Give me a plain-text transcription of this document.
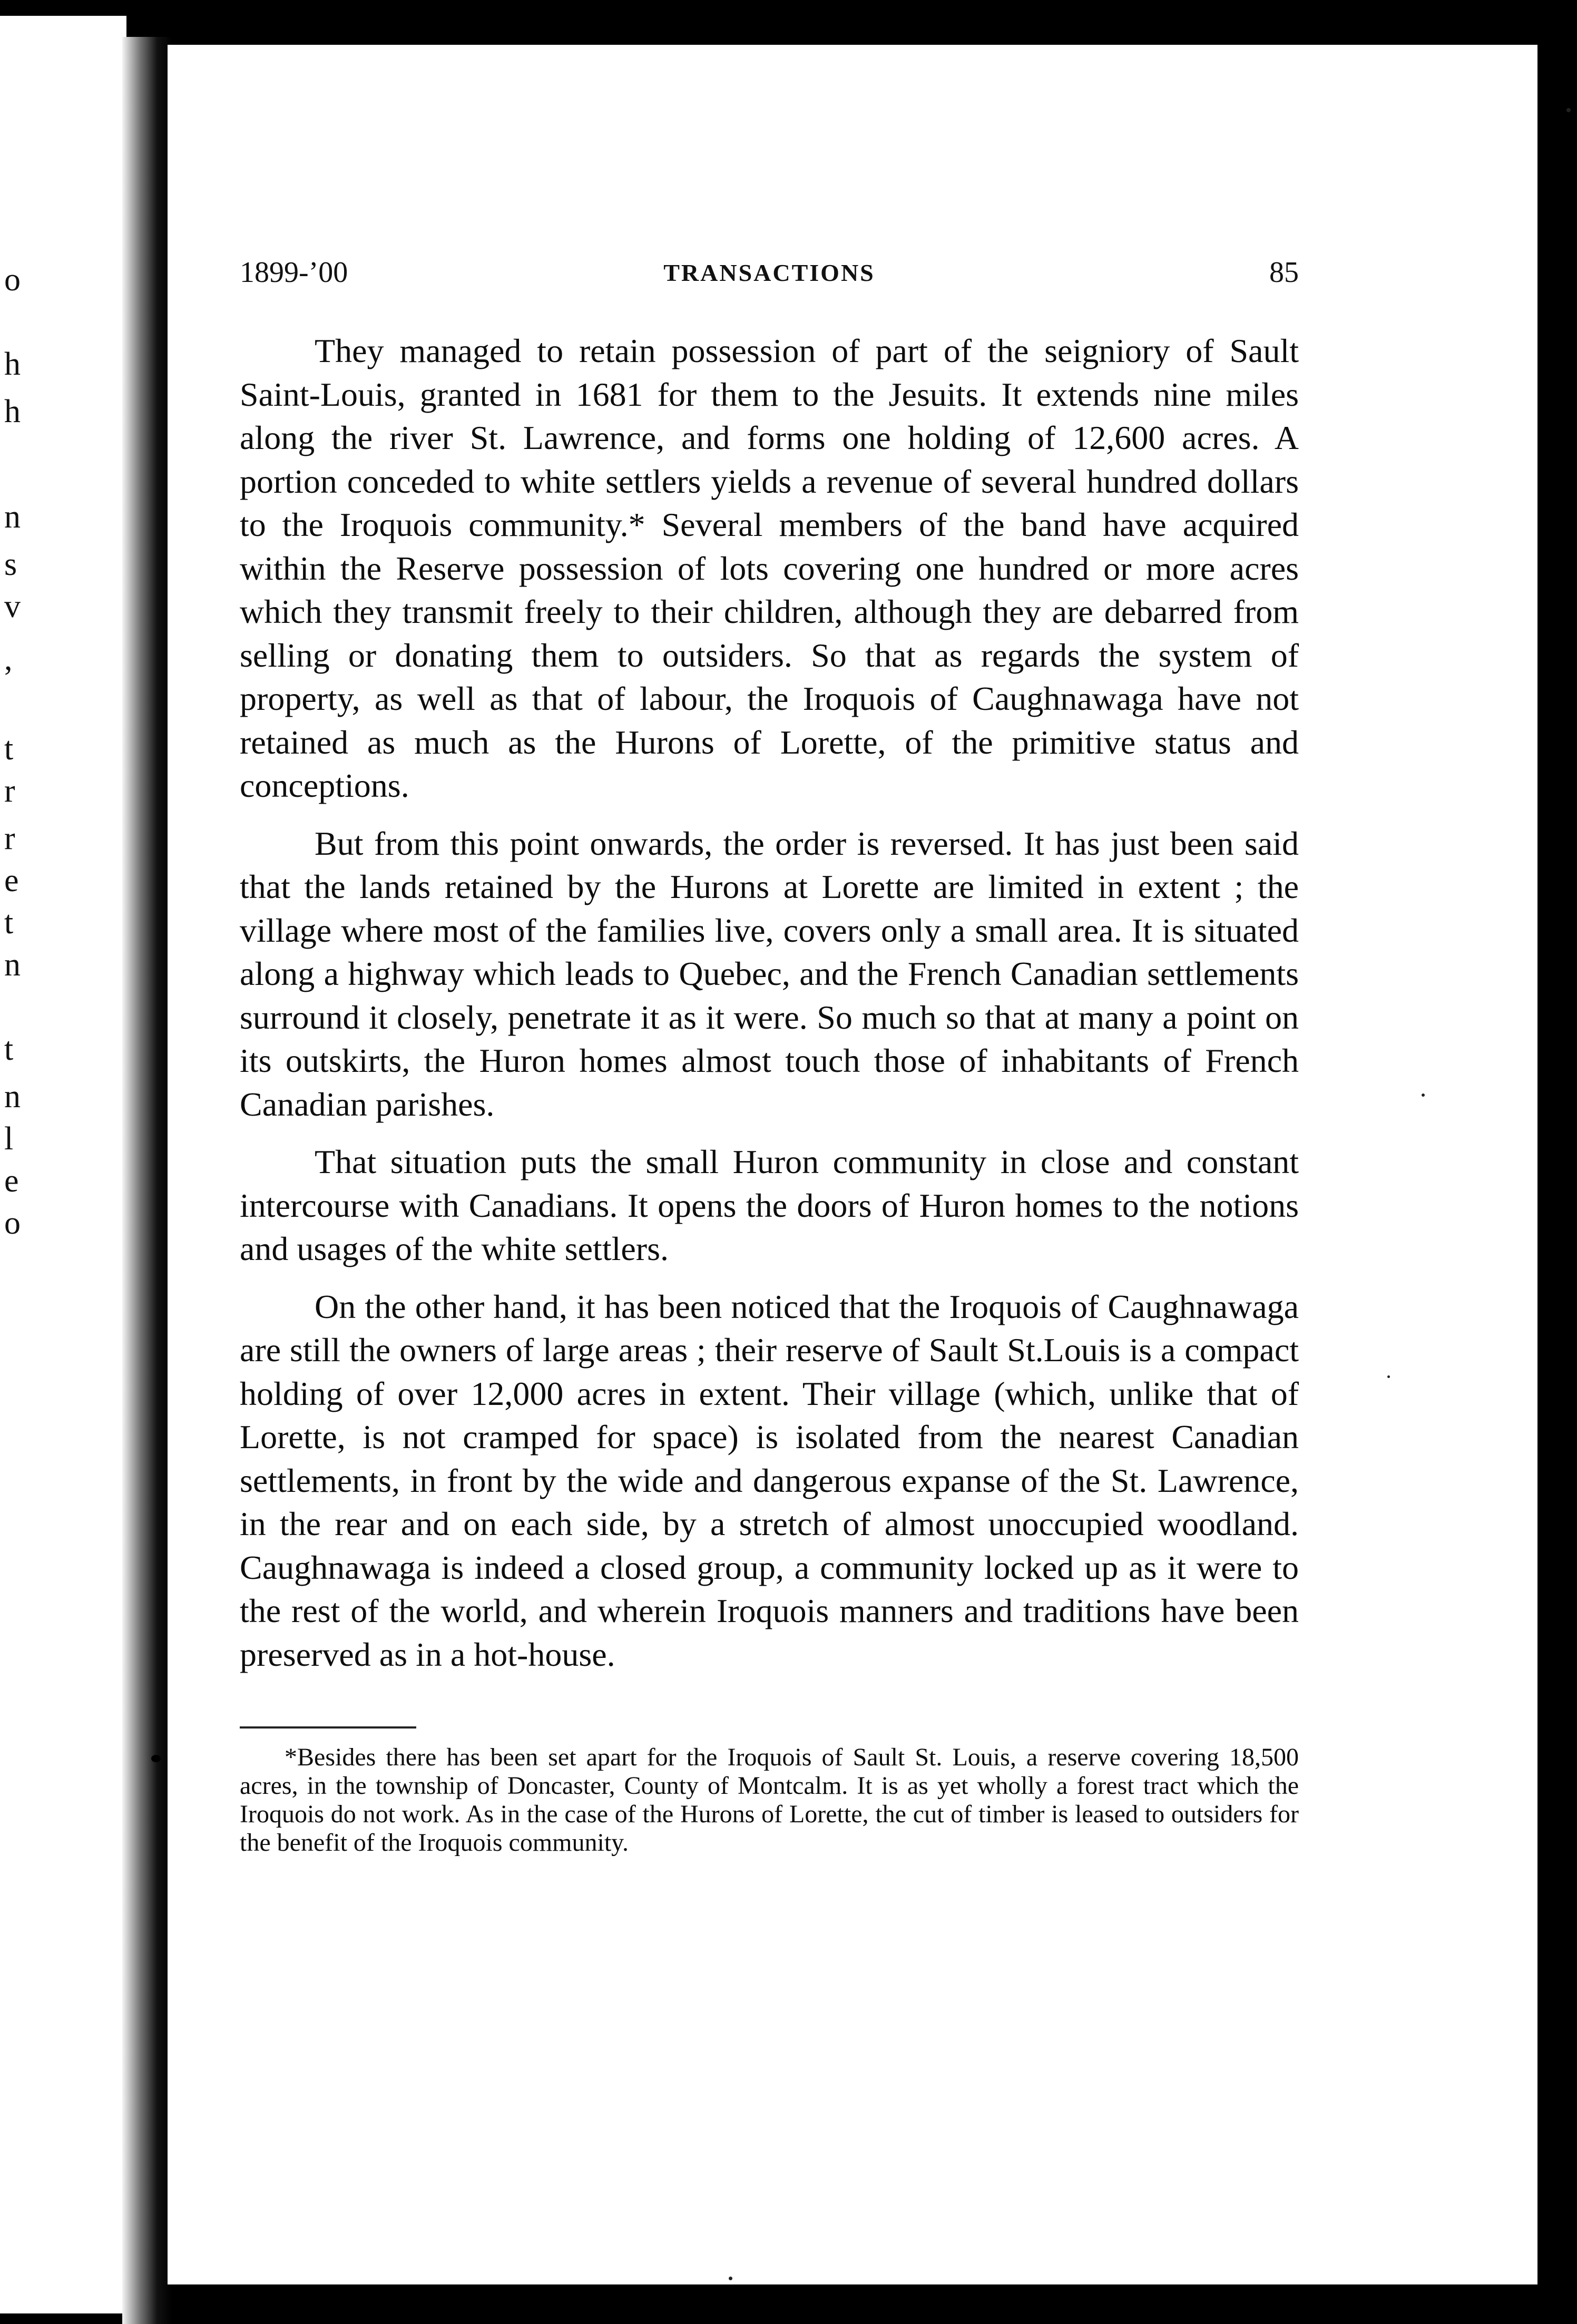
o
h
h
n
s
v
,
t
r
r
e
t
n
t
n
l
e
o
1899-’00	TRANSACTIONS	85

They managed to retain possession of part of the seigniory of Sault Saint-Louis, granted in 1681 for them to the Jesuits. It extends nine miles along the river St. Lawrence, and forms one holding of 12,600 acres. A portion conceded to white settlers yields a revenue of several hundred dollars to the Iroquois community.* Several members of the band have acquired within the Reserve possession of lots covering one hundred or more acres which they transmit freely to their children, although they are debarred from selling or donating them to outsiders. So that as regards the system of property, as well as that of labour, the Iroquois of Caughnawaga have not retained as much as the Hurons of Lorette, of the primitive status and conceptions.

But from this point onwards, the order is reversed. It has just been said that the lands retained by the Hurons at Lorette are limited in extent ; the village where most of the families live, covers only a small area. It is situated along a highway which leads to Quebec, and the French Canadian settlements surround it closely, penetrate it as it were. So much so that at many a point on its outskirts, the Huron homes almost touch those of inhabitants of French Canadian parishes.

That situation puts the small Huron community in close and constant intercourse with Canadians. It opens the doors of Huron homes to the notions and usages of the white settlers.

On the other hand, it has been noticed that the Iroquois of Caughnawaga are still the owners of large areas ; their reserve of Sault St.Louis is a compact holding of over 12,000 acres in extent. Their village (which, unlike that of Lorette, is not cramped for space) is isolated from the nearest Canadian settlements, in front by the wide and dangerous expanse of the St. Lawrence, in the rear and on each side, by a stretch of almost unoccupied woodland. Caughnawaga is indeed a closed group, a community locked up as it were to the rest of the world, and wherein Iroquois manners and traditions have been preserved as in a hot-house.

*Besides there has been set apart for the Iroquois of Sault St. Louis, a reserve covering 18,500 acres, in the township of Doncaster, County of Montcalm. It is as yet wholly a forest tract which the Iroquois do not work. As in the case of the Hurons of Lorette, the cut of timber is leased to outsiders for the benefit of the Iroquois community.
